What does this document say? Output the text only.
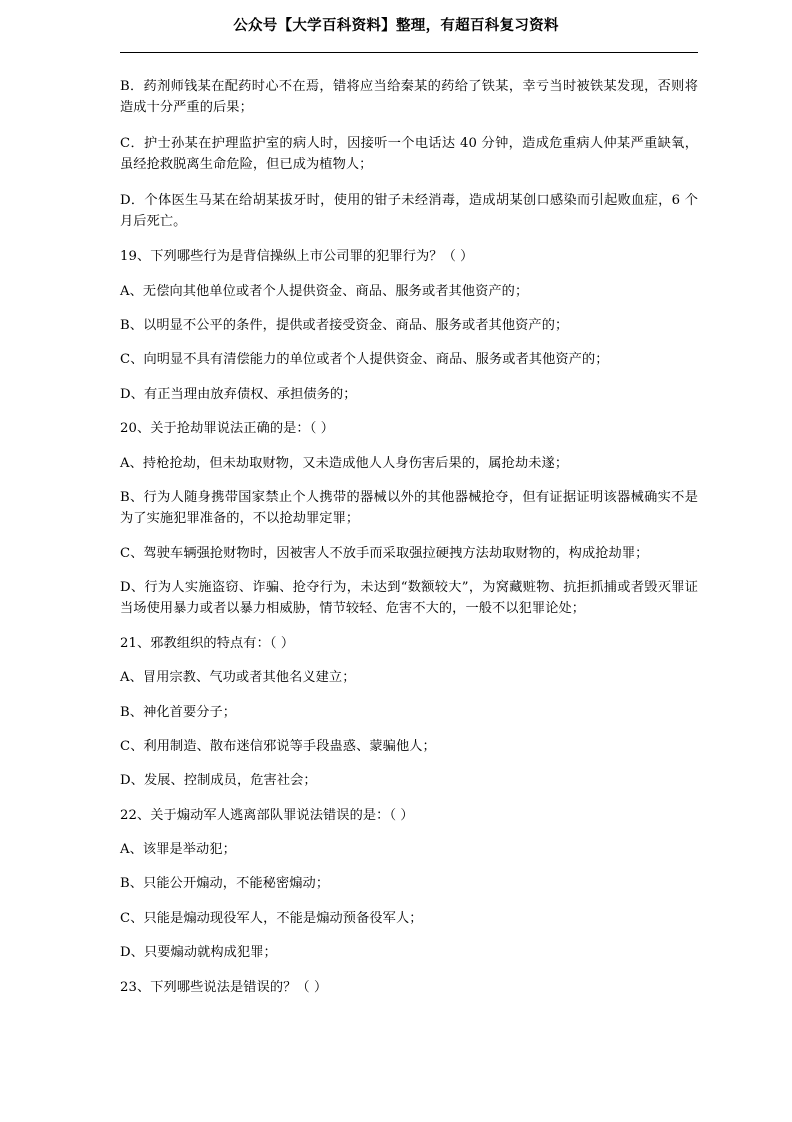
公众号【大学百科资料】整理，有超百科复习资料

B．药剂师钱某在配药时心不在焉，错将应当给秦某的药给了铁某，幸亏当时被铁某发现，否则将造成十分严重的后果；

C．护士孙某在护理监护室的病人时，因接听一个电话达 40 分钟，造成危重病人仲某严重缺氧，虽经抢救脱离生命危险，但已成为植物人；

D．个体医生马某在给胡某拔牙时，使用的钳子未经消毒，造成胡某创口感染而引起败血症，6 个月后死亡。

19、下列哪些行为是背信操纵上市公司罪的犯罪行为？（ ）

A、无偿向其他单位或者个人提供资金、商品、服务或者其他资产的；

B、以明显不公平的条件，提供或者接受资金、商品、服务或者其他资产的；

C、向明显不具有清偿能力的单位或者个人提供资金、商品、服务或者其他资产的；

D、有正当理由放弃债权、承担债务的；

20、关于抢劫罪说法正确的是：（ ）

A、持枪抢劫，但未劫取财物，又未造成他人人身伤害后果的，属抢劫未遂；

B、行为人随身携带国家禁止个人携带的器械以外的其他器械抢夺，但有证据证明该器械确实不是为了实施犯罪准备的，不以抢劫罪定罪；

C、驾驶车辆强抢财物时，因被害人不放手而采取强拉硬拽方法劫取财物的，构成抢劫罪；

D、行为人实施盗窃、诈骗、抢夺行为，未达到“数额较大”，为窝藏赃物、抗拒抓捕或者毁灭罪证当场使用暴力或者以暴力相威胁，情节较轻、危害不大的，一般不以犯罪论处；

21、邪教组织的特点有：（ ）

A、冒用宗教、气功或者其他名义建立；

B、神化首要分子；

C、利用制造、散布迷信邪说等手段蛊惑、蒙骗他人；

D、发展、控制成员，危害社会；

22、关于煽动军人逃离部队罪说法错误的是：（ ）

A、该罪是举动犯；

B、只能公开煽动，不能秘密煽动；

C、只能是煽动现役军人，不能是煽动预备役军人；

D、只要煽动就构成犯罪；

23、下列哪些说法是错误的？（ ）
